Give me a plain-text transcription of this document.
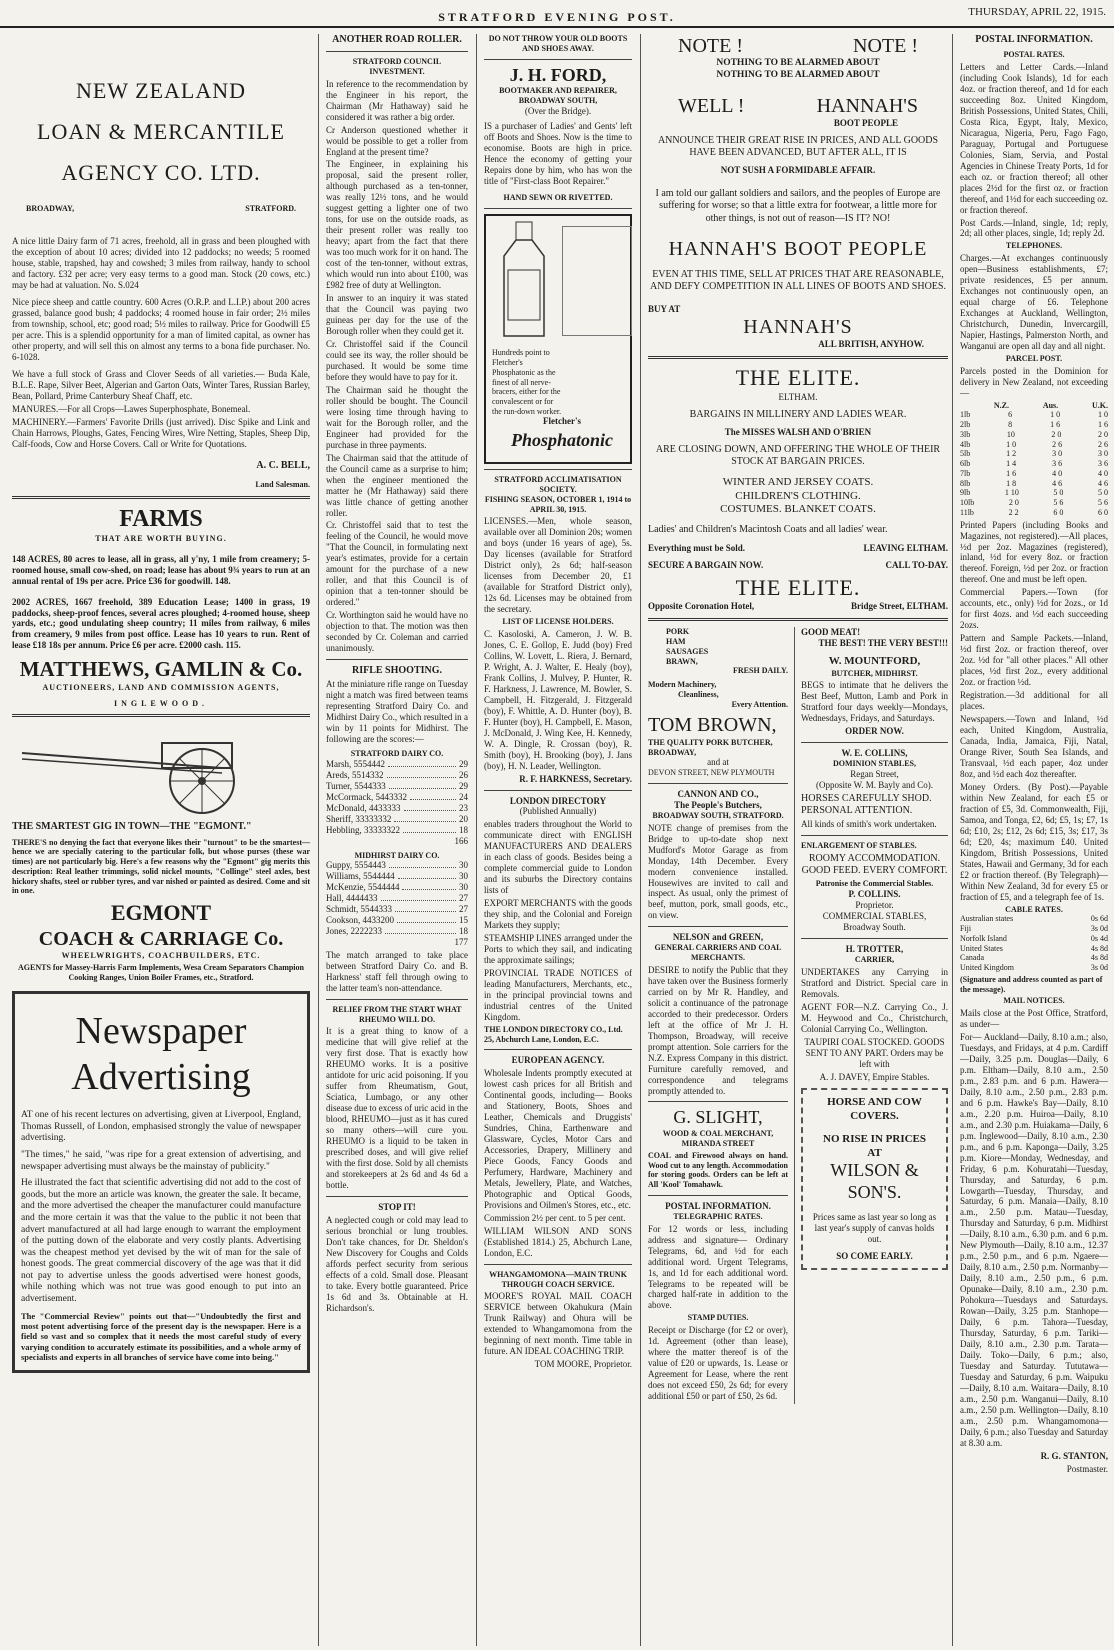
STRATFORD EVENING POST.	THURSDAY, APRIL 22, 1915.
NEW ZEALAND
LOAN & MERCANTILE
AGENCY CO. LTD.
BROADWAY,	STRATFORD.

A nice little Dairy farm of 71 acres, freehold, all in grass and been ploughed with the exception of about 10 acres; divided into 12 paddocks; no weeds; 5 roomed house, stable, trapshed, hay and cowshed; 3 miles from railway, handy to school and factory. £32 per acre; very easy terms to a good man. Stock (20 cows, etc.) may be had at valuation. No. S.024

Nice piece sheep and cattle country. 600 Acres (O.R.P. and L.I.P.) about 200 acres grassed, balance good bush; 4 paddocks; 4 roomed house in fair order; 2½ miles from township, school, etc; good road; 5½ miles to railway. Price for Goodwill £5 per acre. This is a splendid opportunity for a man of limited capital, as owner has other property, and will sell this on almost any terms to a bona fide purchaser. No. 6-1028.

We have a full stock of Grass and Clover Seeds of all varieties.— Buda Kale, B.L.E. Rape, Silver Beet, Algerian and Garton Oats, Winter Tares, Russian Barley, Bean, Pollard, Prime Canterbury Sheaf Chaff, etc.

MANURES.—For all Crops—Lawes Superphosphate, Bonemeal.

MACHINERY.—Farmers' Favorite Drills (just arrived). Disc Spike and Link and Chain Harrows, Ploughs, Gates, Fencing Wires, Wire Netting, Staples, Sheep Dip, Calf-foods, Cow and Horse Covers. Call or Write for Quotations.

A. C. BELL,

Land Salesman.

FARMS
THAT ARE WORTH BUYING.

148 ACRES, 80 acres to lease, all in grass, all y'ny, 1 mile from creamery; 5-roomed house, small cow-shed, on road; lease has about 9¾ years to run at an annual rental of 19s per acre. Price £36 for goodwill. 148.

2002 ACRES, 1667 freehold, 389 Education Lease; 1400 in grass, 19 paddocks, sheep-proof fences, several acres ploughed; 4-roomed house, sheep yards, etc.; good undulating sheep country; 11 miles from railway, 6 miles from creamery, 9 miles from post office. Lease has 10 years to run. Rent of lease £18 18s per annum. Price £6 per acre. £2000 cash. 115.

MATTHEWS, GAMLIN & Co.
AUCTIONEERS, LAND AND COMMISSION AGENTS,
INGLEWOOD.
THE SMARTEST GIG IN TOWN—THE "EGMONT."

THERE'S no denying the fact that everyone likes their "turnout" to be the smartest—hence we are specially catering to the particular folk, but whose purses (these war times) are not particularly big. Here's a few reasons why the "Egmont" gig merits this description: Real leather trimmings, solid nickel mounts, "Collinge" steel axles, best hickory shafts, steel or rubber tyres, and var nished or painted as desired. Come and sit in one.

EGMONT
COACH & CARRIAGE Co.
WHEELWRIGHTS, COACHBUILDERS, ETC.

AGENTS for Massey-Harris Farm Implements, Wesa Cream Separators Champion Cooking Ranges, Union Boiler Frames, etc., Stratford.

Newspaper
Advertising

AT one of his recent lectures on advertising, given at Liverpool, England, Thomas Russell, of London, emphasised strongly the value of newspaper advertising.

"The times," he said, "was ripe for a great extension of advertising, and newspaper advertising must always be the mainstay of publicity."

He illustrated the fact that scientific advertising did not add to the cost of goods, but the more an article was known, the greater the sale. It became, and the more advertised the cheaper the manufacturer could manufacture and the more certain it was that the value to the public it not been that advert manufactured at all had large enough to warrant the employment of the putting down of the elaborate and very costly plants. Advertising was the cheapest method yet devised by the wit of man for the sale of honest goods. The great commercial discovery of the age was that it did not pay to advertise unless the goods advertised were honest goods, while nothing which was not true was good enough to put into an advertisement.

The "Commercial Review" points out that—"Undoubtedly the first and most potent advertising force of the present day is the newspaper. Here is a field so vast and so complex that it needs the most careful study of every varying condition to accurately estimate its possibilities, and a whole army of specialists and experts in all branches of service have come into being."

ANOTHER ROAD ROLLER.
STRATFORD COUNCIL INVESTMENT.

In reference to the recommendation by the Engineer in his report, the Chairman (Mr Hathaway) said he considered it was rather a big order.

Cr Anderson questioned whether it would be possible to get a roller from England at the present time?

The Engineer, in explaining his proposal, said the present roller, although purchased as a ten-tonner, was really 12½ tons, and he would suggest getting a lighter one of two tons, for use on the outside roads, as their present roller was really too heavy; apart from the fact that there was too much work for it on hand. The cost of the ten-tonner, without extras, which would run into about £100, was £982 free of duty at Wellington.

In answer to an inquiry it was stated that the Council was paying two guineas per day for the use of the Borough roller when they could get it.

Cr. Christoffel said if the Council could see its way, the roller should be purchased. It would be some time before they would have to pay for it.

The Chairman said he thought the roller should be bought. The Council were losing time through having to wait for the Borough roller, and the Engineer had provided for the purchase in three payments.

The Chairman said that the attitude of the Council came as a surprise to him; when the engineer mentioned the matter he (Mr Hathaway) said there was little chance of getting another roller.

Cr. Christoffel said that to test the feeling of the Council, he would move "That the Council, in formulating next year's estimates, provide for a certain amount for the purchase of a new roller, and that this Council is of opinion that a ten-tonner should be ordered."

Cr. Worthington said he would have no objection to that. The motion was then seconded by Cr. Coleman and carried unanimously.

RIFLE SHOOTING.

At the miniature rifle range on Tuesday night a match was fired between teams representing Stratford Dairy Co. and Midhirst Dairy Co., which resulted in a win by 11 points for Midhirst. The following are the scores:—

STRATFORD DAIRY CO.
Marsh, 5554442	29
Areds, 5514332	26
Turner, 5544333	29
McCormack, 5443332	24
McDonald, 4433333	23
Sheriff, 33333332	20
Hebbling, 33333322	18
166
MIDHIRST DAIRY CO.
Guppy, 5554443	30
Williams, 5544444	30
McKenzie, 5544444	30
Hall, 4444433	27
Schmidt, 5544333	27
Cookson, 4433200	15
Jones, 2222233	18
177

The match arranged to take place between Stratford Dairy Co. and B. Harkness' staff fell through owing to the latter team's non-attendance.

RELIEF FROM THE START WHAT RHEUMO WILL DO.

It is a great thing to know of a medicine that will give relief at the very first dose. That is exactly how RHEUMO works. It is a positive antidote for uric acid poisoning. If you suffer from Rheumatism, Gout, Sciatica, Lumbago, or any other disease due to excess of uric acid in the blood, RHEUMO—just as it has cured so many others—will cure you. RHEUMO is a liquid to be taken in prescribed doses, and will give relief with the first dose. Sold by all chemists and storekeepers at 2s 6d and 4s 6d a bottle.

STOP IT!

A neglected cough or cold may lead to serious bronchial or lung troubles. Don't take chances, for Dr. Sheldon's New Discovery for Coughs and Colds affords perfect security from serious effects of a cold. Small dose. Pleasant to take. Every bottle guaranteed. Price 1s 6d and 3s. Obtainable at H. Richardson's.

DO NOT THROW YOUR OLD BOOTS AND SHOES AWAY.
J. H. FORD,
BOOTMAKER AND REPAIRER, BROADWAY SOUTH,
(Over the Bridge).

IS a purchaser of Ladies' and Gents' left off Boots and Shoes. Now is the time to economise. Boots are high in price. Hence the economy of getting your Repairs done by him, who has won the title of "First-class Boot Repairer."

HAND SEWN OR RIVETTED.

Hundreds point to Fletcher's Phosphatonic as the finest of all nerve-bracers, either for the convalescent or for the run-down worker.

Fletcher's
Phosphatonic
STRATFORD ACCLIMATISATION SOCIETY.
FISHING SEASON, OCTOBER 1, 1914 to APRIL 30, 1915.

LICENSES.—Men, whole season, available over all Dominion 20s; women and boys (under 16 years of age), 5s. Day licenses (available for Stratford District only), 2s 6d; half-season licenses from December 20, £1 (available for Stratford District only), 12s 6d. Licenses may be obtained from the secretary.

LIST OF LICENSE HOLDERS.

C. Kasoloski, A. Cameron, J. W. B. Jones, C. E. Gollop, E. Judd (boy) Fred Collins, W. Lovett, L. Riera, J. Bernard, P. Wright, A. J. Walter, E. Healy (boy), Frank Collins, J. Mulvey, P. Hunter, R. F. Harkness, J. Lawrence, M. Bowler, S. Campbell, H. Fitzgerald, J. Fitzgerald (boy), F. Whittle, A. D. Hunter (boy), B. F. Hunter (boy), H. Campbell, E. Mason, J. McDonald, J. Wing Kee, H. Kennedy, W. A. Dingle, R. Crossan (boy), R. Smith (boy), H. Brooking (boy), J. Jans (boy), H. N. Leader, Wellington.

R. F. HARKNESS, Secretary.

LONDON DIRECTORY
(Published Annually)

enables traders throughout the World to communicate direct with ENGLISH MANUFACTURERS AND DEALERS in each class of goods. Besides being a complete commercial guide to London and its suburbs the Directory contains lists of

EXPORT MERCHANTS with the goods they ship, and the Colonial and Foreign Markets they supply;

STEAMSHIP LINES arranged under the Ports to which they sail, and indicating the approximate sailings;

PROVINCIAL TRADE NOTICES of leading Manufacturers, Merchants, etc., in the principal provincial towns and industrial centres of the United Kingdom.

THE LONDON DIRECTORY CO., Ltd. 25, Abchurch Lane, London, E.C.

EUROPEAN AGENCY.

Wholesale Indents promptly executed at lowest cash prices for all British and Continental goods, including— Books and Stationery, Boots, Shoes and Leather, Chemicals and Druggists' Sundries, China, Earthenware and Glassware, Cycles, Motor Cars and Accessories, Drapery, Millinery and Piece Goods, Fancy Goods and Perfumery, Hardware, Machinery and Metals, Jewellery, Plate, and Watches, Photographic and Optical Goods, Provisions and Oilmen's Stores, etc., etc.

Commission 2½ per cent. to 5 per cent.

WILLIAM WILSON AND SONS (Established 1814.) 25, Abchurch Lane, London, E.C.

WHANGAMOMONA—MAIN TRUNK THROUGH COACH SERVICE.

MOORE'S ROYAL MAIL COACH SERVICE between Okahukura (Main Trunk Railway) and Ohura will be extended to Whangamomona from the beginning of next month. Time table in future. AN IDEAL COACHING TRIP.

TOM MOORE, Proprietor.

NOTE !	NOTE !
NOTHING TO BE ALARMED ABOUT
NOTHING TO BE ALARMED ABOUT
WELL !	HANNAH'S
BOOT PEOPLE

ANNOUNCE THEIR GREAT RISE IN PRICES, AND ALL GOODS HAVE BEEN ADVANCED, BUT AFTER ALL, IT IS

NOT SUSH A FORMIDABLE AFFAIR.

I am told our gallant soldiers and sailors, and the peoples of Europe are suffering for worse; so that a little extra for footwear, a little more for other things, is not out of reason—IS IT? NO!

HANNAH'S BOOT PEOPLE

EVEN AT THIS TIME, SELL AT PRICES THAT ARE REASONABLE, AND DEFY COMPETITION IN ALL LINES OF BOOTS AND SHOES.

BUY AT
HANNAH'S
ALL BRITISH, ANYHOW.
THE ELITE.
ELTHAM.
BARGAINS IN MILLINERY AND LADIES WEAR.
The MISSES WALSH AND O'BRIEN

ARE CLOSING DOWN, AND OFFERING THE WHOLE OF THEIR STOCK AT BARGAIN PRICES.

WINTER AND JERSEY COATS. CHILDREN'S CLOTHING. COSTUMES. BLANKET COATS.

Ladies' and Children's Macintosh Coats and all ladies' wear.

Everything must be Sold.	LEAVING ELTHAM.
SECURE A BARGAIN NOW.	CALL TO-DAY.
THE ELITE.
Opposite Coronation Hotel,	Bridge Street, ELTHAM.
PORK
HAM
SAUSAGES
BRAWN,
FRESH DAILY.
Modern Machinery,
Cleanliness,
Every Attention.
TOM BROWN,
THE QUALITY PORK BUTCHER, BROADWAY,
and at
DEVON STREET, NEW PLYMOUTH
CANNON AND CO.,
The People's Butchers,
BROADWAY SOUTH, STRATFORD.

NOTE change of premises from the Bridge to up-to-date shop next Mudford's Motor Garage as from Monday, 14th December. Every modern convenience installed. Housewives are invited to call and inspect. As usual, only the primest of beef, mutton, pork, small goods, etc., on view.

NELSON and GREEN,
GENERAL CARRIERS AND COAL MERCHANTS.

DESIRE to notify the Public that they have taken over the Business formerly carried on by Mr R. Handley, and solicit a continuance of the patronage accorded to their predecessor. Orders left at the office of Mr J. H. Thompson, Broadway, will receive prompt attention. Sole carriers for the N.Z. Express Company in this district. Furniture carefully removed, and correspondence and telegrams promptly attended to.

G. SLIGHT,
WOOD & COAL MERCHANT,
MIRANDA STREET

COAL and Firewood always on hand. Wood cut to any length. Accommodation for storing goods. Orders can be left at All 'Kool' Tomahawk.

POSTAL INFORMATION.
TELEGRAPHIC RATES.

For 12 words or less, including address and signature— Ordinary Telegrams, 6d, and ½d for each additional word. Urgent Telegrams, 1s, and 1d for each additional word. Telegrams to be repeated will be charged half-rate in addition to the above.

STAMP DUTIES.

Receipt or Discharge (for £2 or over), 1d. Agreement (other than lease), where the matter thereof is of the value of £20 or upwards, 1s. Lease or Agreement for Lease, where the rent does not exceed £50, 2s 6d; for every additional £50 or part of £50, 2s 6d.

GOOD MEAT!
THE BEST! THE VERY BEST!!!
W. MOUNTFORD,
BUTCHER, MIDHIRST.

BEGS to intimate that he delivers the Best Beef, Mutton, Lamb and Pork in Stratford four days weekly—Mondays, Wednesdays, Fridays, and Saturdays.

ORDER NOW.
W. E. COLLINS,
DOMINION STABLES,
Regan Street,
(Opposite W. M. Bayly and Co).

HORSES CAREFULLY SHOD. PERSONAL ATTENTION.

All kinds of smith's work undertaken.

ENLARGEMENT OF STABLES.

ROOMY ACCOMMODATION. GOOD FEED. EVERY COMFORT.

Patronise the Commercial Stables.
P. COLLINS.
Proprietor.
COMMERCIAL STABLES,
Broadway South.
H. TROTTER,
CARRIER,

UNDERTAKES any Carrying in Stratford and District. Special care in Removals.

AGENT FOR—N.Z. Carrying Co., J. M. Heywood and Co., Christchurch, Colonial Carrying Co., Wellington.

TAUPIRI COAL STOCKED. GOODS SENT TO ANY PART. Orders may be left with

A. J. DAVEY, Empire Stables.

HORSE AND COW COVERS.
NO RISE IN PRICES
AT
WILSON & SON'S.

Prices same as last year so long as last year's supply of canvas holds out.

SO COME EARLY.
POSTAL INFORMATION.
POSTAL RATES.

Letters and Letter Cards.—Inland (including Cook Islands), 1d for each 4oz. or fraction thereof, and 1d for each succeeding 8oz. United Kingdom, British Possessions, United States, Chili, Costa Rica, Egypt, Italy, Mexico, Nicaragua, Nigeria, Peru, Fago Fago, Paraguay, Portugal and Portuguese Colonies, Siam, Servia, and Postal Agencies in Chinese Treaty Ports, 1d for each oz. or fraction thereof; all other places 2½d for the first oz. or fraction thereof, and 1½d for each succeeding oz. or fraction thereof.

Post Cards.—Inland, single, 1d; reply, 2d; all other places, single, 1d; reply 2d.

TELEPHONES.

Charges.—At exchanges continuously open—Business establishments, £7; private residences, £5 per annum. Exchanges not continuously open, an equal charge of £6. Telephone Exchanges at Auckland, Wellington, Christchurch, Dunedin, Invercargill, Napier, Hastings, Palmerston North, and Wanganui are open all day and all night.

PARCEL POST.

Parcels posted in the Dominion for delivery in New Zealand, not exceeding—

N.Z.	Aus.	U.K.
1lb	6	1 0	1 0
2lb	8	1 6	1 6
3lb	10	2 0	2 0
4lb	1 0	2 6	2 6
5lb	1 2	3 0	3 0
6lb	1 4	3 6	3 6
7lb	1 6	4 0	4 0
8lb	1 8	4 6	4 6
9lb	1 10	5 0	5 0
10lb	2 0	5 6	5 6
11lb	2 2	6 0	6 0

Printed Papers (including Books and Magazines, not registered).—All places, ½d per 2oz. Magazines (registered), inland, ½d for every 8oz. or fraction thereof. Foreign, ½d per 2oz. or fraction thereof. One and must be left open.

Commercial Papers.—Town (for accounts, etc., only) ½d for 2ozs., or 1d for first 4ozs. and ½d each succeeding 2ozs.

Pattern and Sample Packets.—Inland, ½d first 2oz. or fraction thereof, over 2oz. ½d for "all other places." All other places, ½d first 2oz., every additional 2oz. or fraction ½d.

Registration.—3d additional for all places.

Newspapers.—Town and Inland, ½d each, United Kingdom, Australia, Canada, India, Jamaica, Fiji, Natal, Orange River, South Sea Islands, and Transvaal, ½d each paper, 4oz under 8oz, and ½d each 4oz thereafter.

Money Orders. (By Post).—Payable within New Zealand, for each £5 or fraction of £5, 3d. Commonwealth, Fiji, Samoa, and Tonga, £2, 6d; £5, 1s; £7, 1s 6d; £10, 2s; £12, 2s 6d; £15, 3s; £17, 3s 6d; £20, 4s; maximum £40. United Kingdom, British Possessions, United States, Hawaii and Germany, 3d for each £2 or fraction thereof. (By Telegraph)—Within New Zealand, 3d for every £5 or fraction of £5, and a telegraph fee of 1s.

CABLE RATES.
Australian states	0s 6d
Fiji	3s 0d
Norfolk Island	0s 4d
United States	4s 8d
Canada	4s 8d
United Kingdom	3s 0d

(Signature and address counted as part of the message).

MAIL NOTICES.

Mails close at the Post Office, Stratford, as under—

For— Auckland—Daily, 8.10 a.m.; also, Tuesdays, and Fridays, at 4 p.m. Cardiff—Daily, 3.25 p.m. Douglas—Daily, 6 p.m. Eltham—Daily, 8.10 a.m., 2.50 p.m., 2.83 p.m. and 6 p.m. Hawera—Daily, 8.10 a.m., 2.50 p.m., 2.83 p.m. and 6 p.m. Hawke's Bay—Daily, 8.10 a.m., 2.20 p.m. Huiroa—Daily, 8.10 a.m., and 2.30 p.m. Huiakama—Daily, 6 p.m. Inglewood—Daily, 8.10 a.m., 2.30 p.m., and 6 p.m. Kaponga—Daily, 3.25 p.m. Kiore—Monday, Wednesday, and Friday, 6 p.m. Kohuratahi—Tuesday, Thursday, and Saturday, 6 p.m. Lowgarth—Tuesday, Thursday, and Saturday, 6 p.m. Manaia—Daily, 8.10 a.m., 2.50 p.m. Matau—Tuesday, Thursday and Saturday, 6 p.m. Midhirst—Daily, 8.10 a.m., 6.30 p.m. and 6 p.m. New Plymouth—Daily, 8.10 a.m., 12.37 p.m., 2.50 p.m., and 6 p.m. Ngaere—Daily, 8.10 a.m., 2.50 p.m. Normanby—Daily, 8.10 a.m., 2.50 p.m., 6 p.m. Opunake—Daily, 8.10 a.m., 2.30 p.m. Pohokura—Tuesdays and Saturdays. Rowan—Daily, 3.25 p.m. Stanhope—Daily, 6 p.m. Tahora—Tuesday, Thursday, Saturday, 6 p.m. Tariki—Daily, 8.10 a.m., 2.30 p.m. Tarata—Daily. Toko—Daily, 6 p.m.; also, Tuesday and Saturday. Tututawa—Tuesday and Saturday, 6 p.m. Waipuku—Daily, 8.10 a.m. Waitara—Daily, 8.10 a.m., 2.50 p.m. Wanganui—Daily, 8.10 a.m., 2.50 p.m. Wellington—Daily, 8.10 a.m., 2.50 p.m. Whangamomona—Daily, 6 p.m.; also Tuesday and Saturday at 8.30 a.m.

R. G. STANTON,

Postmaster.
